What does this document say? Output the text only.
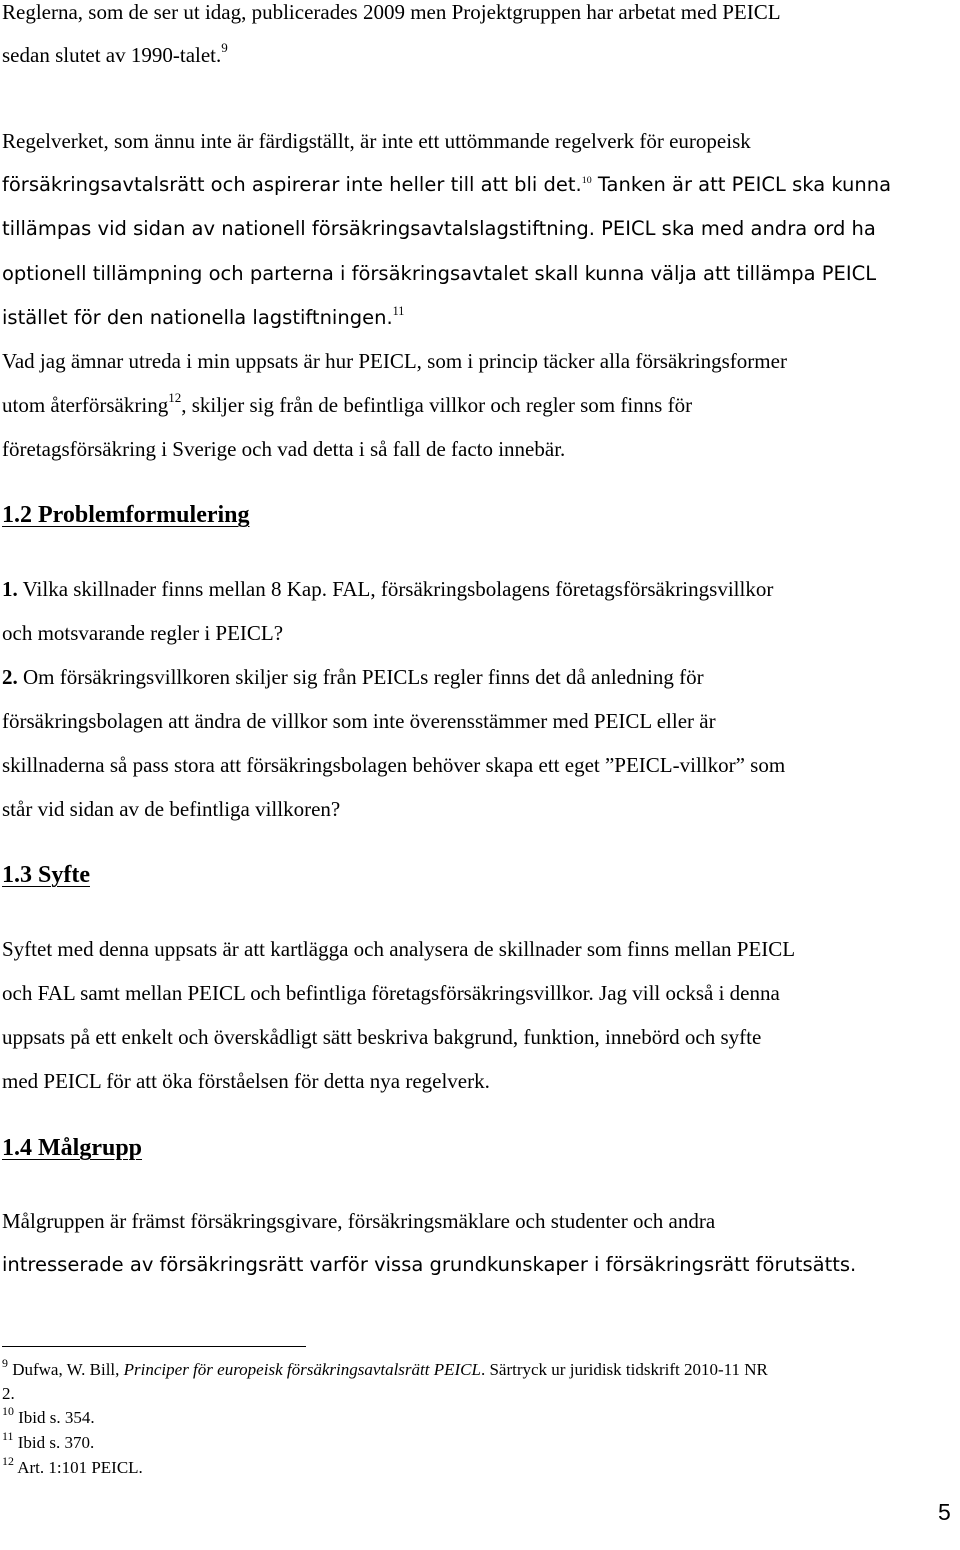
Reglerna, som de ser ut idag, publicerades 2009 men Projektgruppen har arbetat med PEICL
sedan slutet av 1990-talet.$^9$
Regelverket, som ännu inte är färdigställt, är inte ett uttömmande regelverk för europeisk
försäkringsavtalsrätt och aspirerar inte heller till att bli det.$^{10}$ Tanken är att PEICL ska kunna
tillämpas vid sidan av nationell försäkringsavtalslagstiftning. PEICL ska med andra ord ha
optionell tillämpning och parterna i försäkringsavtalet skall kunna välja att tillämpa PEICL
istället för den nationella lagstiftningen.$^{11}$
Vad jag ämnar utreda i min uppsats är hur PEICL, som i princip täcker alla försäkringsformer
utom återförsäkring$^{12}$, skiljer sig från de befintliga villkor och regler som finns för
företagsförsäkring i Sverige och vad detta i så fall de facto innebär.
1.2 Problemformulering
1. Vilka skillnader finns mellan 8 Kap. FAL, försäkringsbolagens företagsförsäkringsvillkor
och motsvarande regler i PEICL?
2. Om försäkringsvillkoren skiljer sig från PEICLs regler finns det då anledning för
försäkringsbolagen att ändra de villkor som inte överensstämmer med PEICL eller är
skillnaderna så pass stora att försäkringsbolagen behöver skapa ett eget ”PEICL-villkor” som
står vid sidan av de befintliga villkoren?
1.3 Syfte
Syftet med denna uppsats är att kartlägga och analysera de skillnader som finns mellan PEICL
och FAL samt mellan PEICL och befintliga företagsförsäkringsvillkor. Jag vill också i denna
uppsats på ett enkelt och överskådligt sätt beskriva bakgrund, funktion, innebörd och syfte
med PEICL för att öka förståelsen för detta nya regelverk.
1.4 Målgrupp
Målgruppen är främst försäkringsgivare, försäkringsmäklare och studenter och andra
intresserade av försäkringsrätt varför vissa grundkunskaper i försäkringsrätt förutsätts.
$^9$ Dufwa, W. Bill, Principer för europeisk försäkringsavtalsrätt PEICL. Särtryck ur juridisk tidskrift 2010-11 NR
2.
$^{10}$ Ibid s. 354.
$^{11}$ Ibid s. 370.
$^{12}$ Art. 1:101 PEICL.
5
